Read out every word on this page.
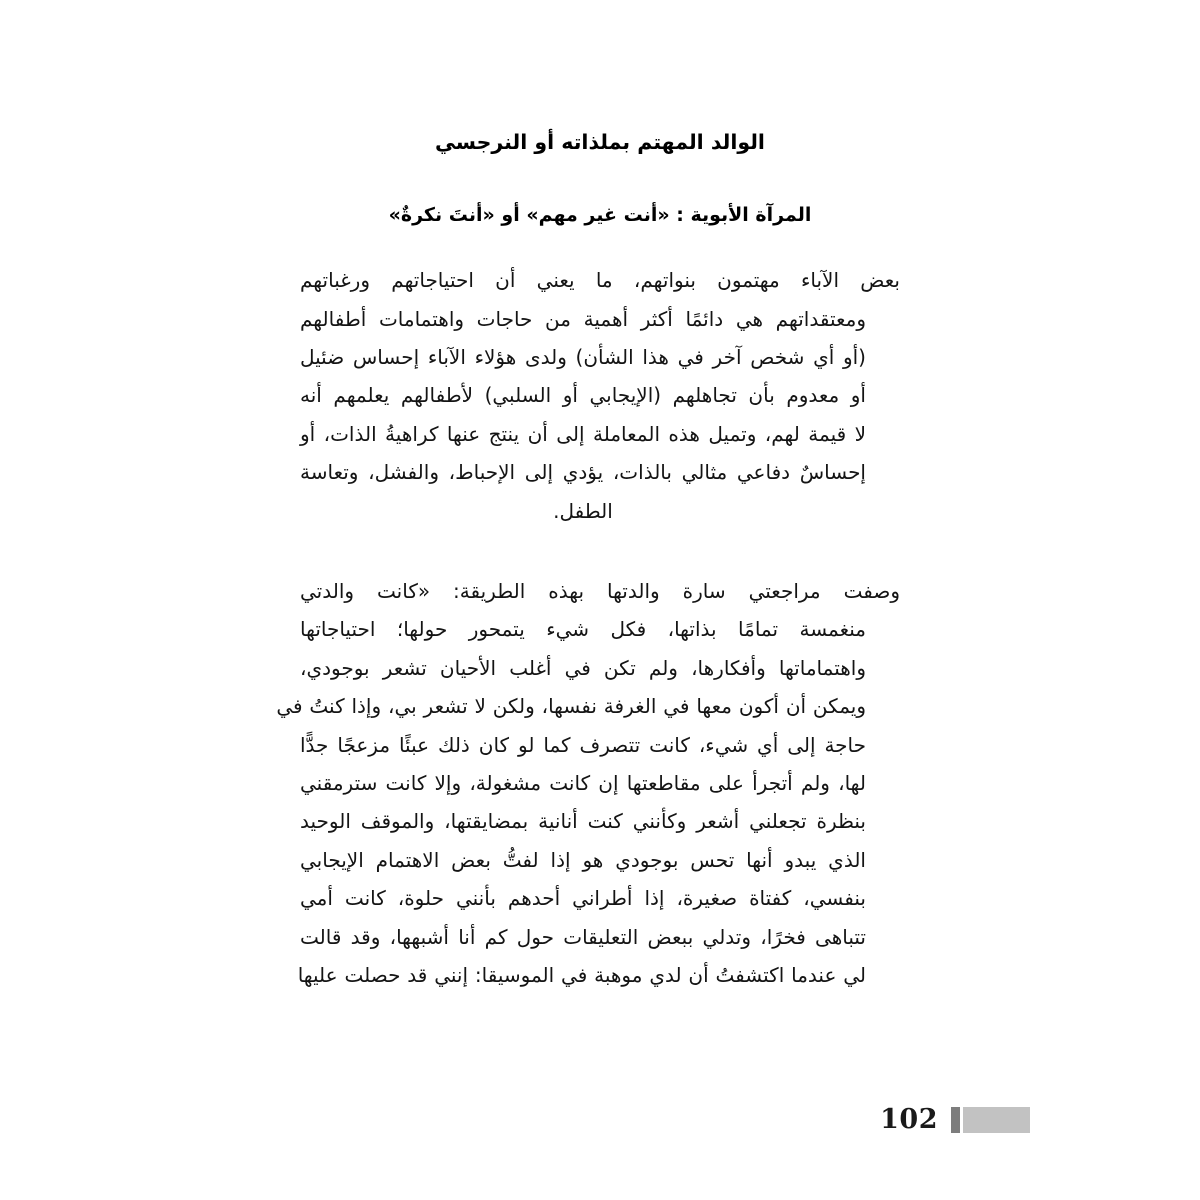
الوالد المهتم بملذاته أو النرجسي
المرآة الأبوية : «أنت غير مهم» أو «أنتَ نكرةٌ»

بعض الآباء مهتمون بنواتهم، ما يعني أن احتياجاتهم ورغباتهم
ومعتقداتهم هي دائمًا أكثر أهمية من حاجات واهتمامات أطفالهم
(أو أي شخص آخر في هذا الشأن) ولدى هؤلاء الآباء إحساس ضئيل
أو معدوم بأن تجاهلهم (الإيجابي أو السلبي) لأطفالهم يعلمهم أنه
لا قيمة لهم، وتميل هذه المعاملة إلى أن ينتج عنها كراهيةُ الذات، أو
إحساسٌ دفاعي مثالي بالذات، يؤدي إلى الإحباط، والفشل، وتعاسة
الطفل.

وصفت مراجعتي سارة والدتها بهذه الطريقة: «كانت والدتي
منغمسة تمامًا بذاتها، فكل شيء يتمحور حولها؛ احتياجاتها
واهتماماتها وأفكارها، ولم تكن في أغلب الأحيان تشعر بوجودي،
ويمكن أن أكون معها في الغرفة نفسها، ولكن لا تشعر بي، وإذا كنتُ في
حاجة إلى أي شيء، كانت تتصرف كما لو كان ذلك عبئًا مزعجًا جدًّا
لها، ولم أتجرأ على مقاطعتها إن كانت مشغولة، وإلا كانت سترمقني
بنظرة تجعلني أشعر وكأنني كنت أنانية بمضايقتها، والموقف الوحيد
الذي يبدو أنها تحس بوجودي هو إذا لفتُّ بعض الاهتمام الإيجابي
بنفسي، كفتاة صغيرة، إذا أطراني أحدهم بأنني حلوة، كانت أمي
تتباهى فخرًا، وتدلي ببعض التعليقات حول كم أنا أشبهها، وقد قالت
لي عندما اكتشفتُ أن لدي موهبة في الموسيقا: إنني قد حصلت عليها

102
